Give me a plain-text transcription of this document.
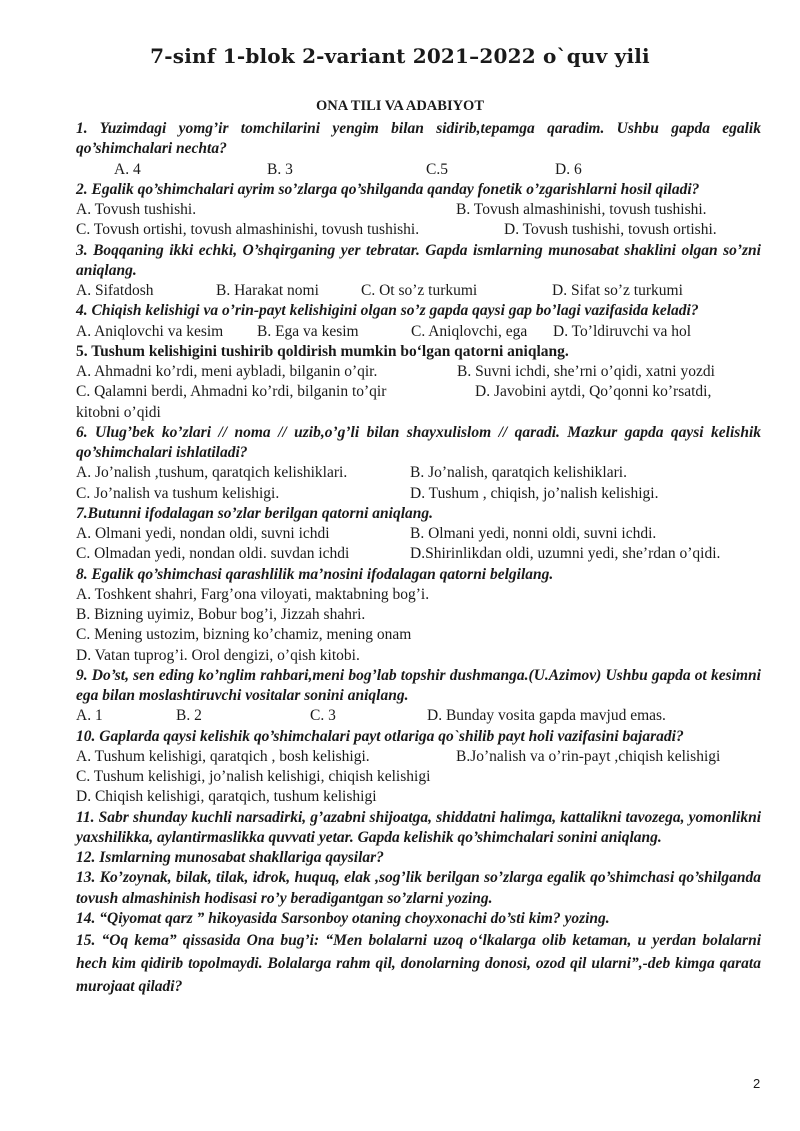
7-sinf 1-blok 2-variant 2021–2022 o`quv yili
ONA TILI VA ADABIYOT
1. Yuzimdagi yomg’ir tomchilarini yengim bilan sidirib,tepamga qaradim. Ushbu gapda egalik qo’shimchalari nechta?
A. 4	B. 3	C.5	D. 6
2. Egalik qo’shimchalari ayrim so’zlarga qo’shilganda qanday fonetik o’zgarishlarni hosil qiladi?
A. Tovush tushishi.	B. Tovush almashinishi, tovush tushishi.
C. Tovush ortishi, tovush almashinishi, tovush tushishi.	D. Tovush tushishi, tovush ortishi.
3. Boqqaning ikki echki, O’shqirganing yer tebratar. Gapda ismlarning munosabat shaklini olgan so’zni aniqlang.
A. Sifatdosh	B. Harakat nomi	C. Ot so’z turkumi	D. Sifat so’z turkumi
4. Chiqish kelishigi va o’rin-payt kelishigini olgan so’z gapda qaysi gap bo’lagi vazifasida keladi?
A. Aniqlovchi va kesim B. Ega va kesim	C. Aniqlovchi, ega D. To’ldiruvchi va hol
5. Tushum kelishigini tushirib qoldirish mumkin bo‘lgan qatorni aniqlang.
A. Ahmadni ko’rdi, meni aybladi, bilganin o’qir.	B. Suvni ichdi, she’rni o’qidi, xatni yozdi
C. Qalamni berdi, Ahmadni ko’rdi, bilganin to’qir	D. Javobini aytdi, Qo’qonni ko’rsatdi,
kitobni o’qidi
6. Ulug’bek ko’zlari // noma // uzib,o’g’li bilan shayxulislom // qaradi. Mazkur gapda qaysi kelishik qo’shimchalari ishlatiladi?
A. Jo’nalish ,tushum, qaratqich kelishiklari.	B. Jo’nalish, qaratqich kelishiklari.
C. Jo’nalish va tushum kelishigi.	D. Tushum , chiqish, jo’nalish kelishigi.
7.Butunni ifodalagan so’zlar berilgan qatorni aniqlang.
A. Olmani yedi, nondan oldi, suvni ichdi	B. Olmani yedi, nonni oldi, suvni ichdi.
C. Olmadan yedi, nondan oldi. suvdan ichdi	D.Shirinlikdan oldi, uzumni yedi, she’rdan o’qidi.
8. Egalik qo’shimchasi qarashlilik ma’nosini ifodalagan qatorni belgilang.
A. Toshkent shahri, Farg’ona viloyati, maktabning bog’i.
B. Bizning uyimiz, Bobur bog’i, Jizzah shahri.
C. Mening ustozim, bizning ko’chamiz, mening onam
D. Vatan tuprog’i. Orol dengizi, o’qish kitobi.
9. Do’st, sen eding ko’nglim rahbari,meni bog’lab topshir dushmanga.(U.Azimov) Ushbu gapda ot kesimni ega bilan moslashtiruvchi vositalar sonini aniqlang.
A. 1	B. 2	C. 3	D. Bunday vosita gapda mavjud emas.
10. Gaplarda qaysi kelishik qo’shimchalari payt otlariga qo`shilib payt holi vazifasini bajaradi?
A. Tushum kelishigi, qaratqich , bosh kelishigi.	B.Jo’nalish va o’rin-payt ,chiqish kelishigi
C. Tushum kelishigi, jo’nalish kelishigi, chiqish kelishigi
D. Chiqish kelishigi, qaratqich, tushum kelishigi
11. Sabr shunday kuchli narsadirki, g’azabni shijoatga, shiddatni halimga, kattalikni tavozega, yomonlikni yaxshilikka, aylantirmaslikka quvvati yetar. Gapda kelishik qo’shimchalari sonini aniqlang.
12. Ismlarning munosabat shakllariga qaysilar?
13. Ko’zoynak, bilak, tilak, idrok, huquq, elak ,sog’lik berilgan so’zlarga egalik qo’shimchasi qo’shilganda tovush almashinish hodisasi ro’y beradigantgan so’zlarni yozing.
14. “Qiyomat qarz ” hikoyasida Sarsonboy otaning choyxonachi do’sti kim? yozing.
15. “Oq kema” qissasida Ona bug’i: “Men bolalarni uzoq o‘lkalarga olib ketaman, u yerdan bolalarni hech kim qidirib topolmaydi. Bolalarga rahm qil, donolarning donosi, ozod qil ularni”,-deb kimga qarata murojaat qiladi?
2
